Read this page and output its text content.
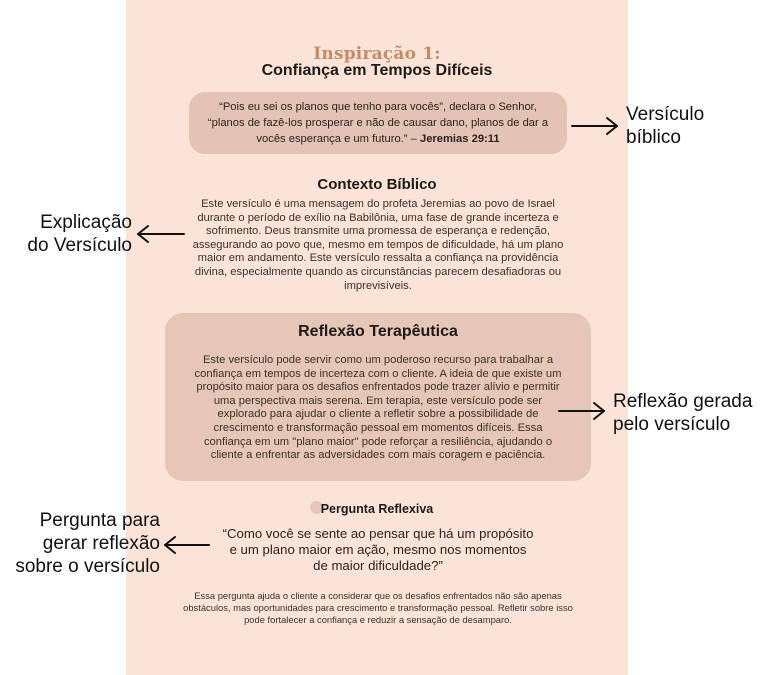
Inspiração 1:
Confiança em Tempos Difíceis
“Pois eu sei os planos que tenho para vocês”, declara o Senhor,
“planos de fazê-los prosperar e não de causar dano, planos de dar a
vocês esperança e um futuro.” – Jeremias 29:11
Contexto Bíblico
Este versículo é uma mensagem do profeta Jeremias ao povo de Israel
durante o período de exílio na Babilônia, uma fase de grande incerteza e
sofrimento. Deus transmite uma promessa de esperança e redenção,
assegurando ao povo que, mesmo em tempos de dificuldade, há um plano
maior em andamento. Este versículo ressalta a confiança na providência
divina, especialmente quando as circunstâncias parecem desafiadoras ou
imprevisíveis.
Reflexão Terapêutica
Este versículo pode servir como um poderoso recurso para trabalhar a
confiança em tempos de incerteza com o cliente. A ideia de que existe um
propósito maior para os desafios enfrentados pode trazer alívio e permitir
uma perspectiva mais serena. Em terapia, este versículo pode ser
explorado para ajudar o cliente a refletir sobre a possibilidade de
crescimento e transformação pessoal em momentos difíceis. Essa
confiança em um "plano maior" pode reforçar a resiliência, ajudando o
cliente a enfrentar as adversidades com mais coragem e paciência.
Pergunta Reflexiva
“Como você se sente ao pensar que há um propósito
e um plano maior em ação, mesmo nos momentos
de maior dificuldade?”
Essa pergunta ajuda o cliente a considerar que os desafios enfrentados não são apenas
obstáculos, mas oportunidades para crescimento e transformação pessoal. Refletir sobre isso
pode fortalecer a confiança e reduzir a sensação de desamparo.
Versículo
bíblico
Explicação
do Versículo
Reflexão gerada
pelo versículo
Pergunta para
gerar reflexão
sobre o versículo
